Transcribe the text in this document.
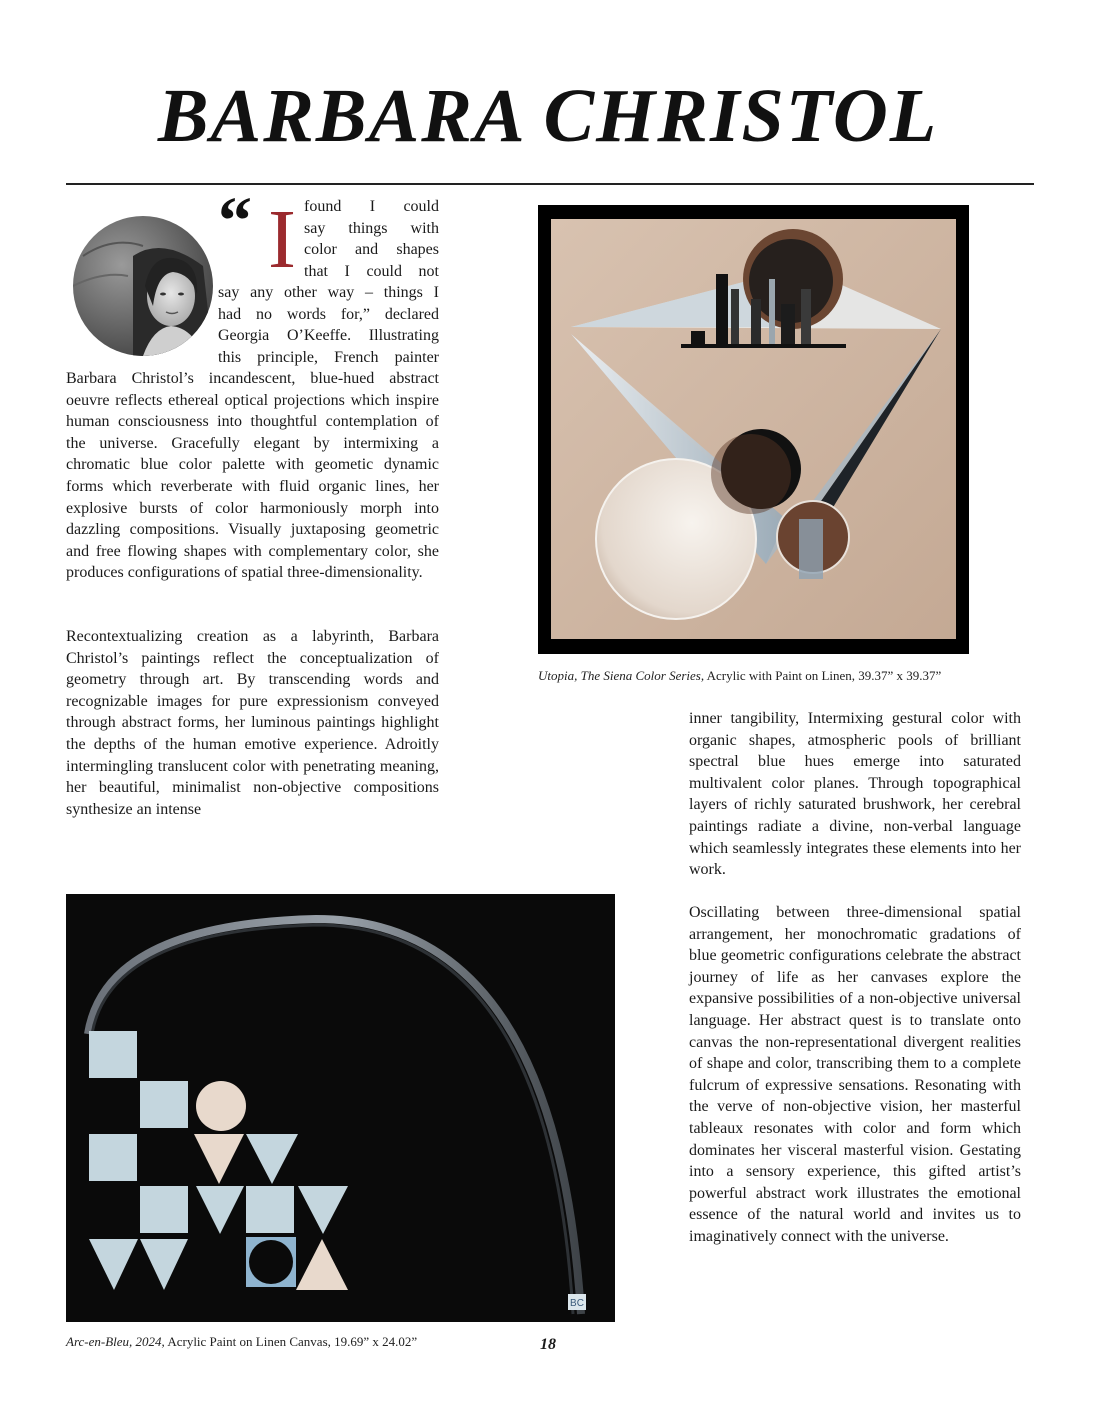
BARBARA CHRISTOL
“ I found I could
say things with
color and shapes
that I could not
say any other way – things I
had no words for,” declared
Georgia O’Keeffe. Illustrating
this principle, French painter

Barbara Christol’s incandescent, blue-hued abstract oeuvre reflects ethereal optical projections which inspire human consciousness into thoughtful contemplation of the universe. Gracefully elegant by intermixing a chromatic blue color palette with geometic dynamic forms which reverberate with fluid organic lines, her explosive bursts of color harmoniously morph into dazzling compositions. Visually juxtaposing geometric and free flowing shapes with complementary color, she produces configurations of spatial three-dimensionality.

Recontextualizing creation as a labyrinth, Barbara Christol’s paintings reflect the conceptualization of geometry through art. By transcending words and recognizable images for pure expressionism conveyed through abstract forms, her luminous paintings highlight the depths of the human emotive experience. Adroitly intermingling translucent color with penetrating meaning, her beautiful, minimalist non-objective compositions synthesize an intense

Utopia, The Siena Color Series, Acrylic with Paint on Linen, 39.37” x 39.37”

inner tangibility, Intermixing gestural color with organic shapes, atmospheric pools of brilliant spectral blue hues emerge into saturated multivalent color planes. Through topographical layers of richly saturated brushwork, her cerebral paintings radiate a divine, non-verbal language which seamlessly integrates these elements into her work.

Oscillating between three-dimensional spatial arrangement, her monochromatic gradations of blue geometric configurations celebrate the abstract journey of life as her canvases explore the expansive possibilities of a non-objective universal language. Her abstract quest is to translate onto canvas the non-representational divergent realities of shape and color, transcribing them to a complete fulcrum of expressive sensations. Resonating with the verve of non-objective vision, her masterful tableaux resonates with color and form which dominates her visceral masterful vision. Gestating into a sensory experience, this gifted artist’s powerful abstract work illustrates the emotional essence of the natural world and invites us to imaginatively connect with the universe.

BC
Arc-en-Bleu, 2024, Acrylic Paint on Linen Canvas, 19.69” x 24.02”	18
